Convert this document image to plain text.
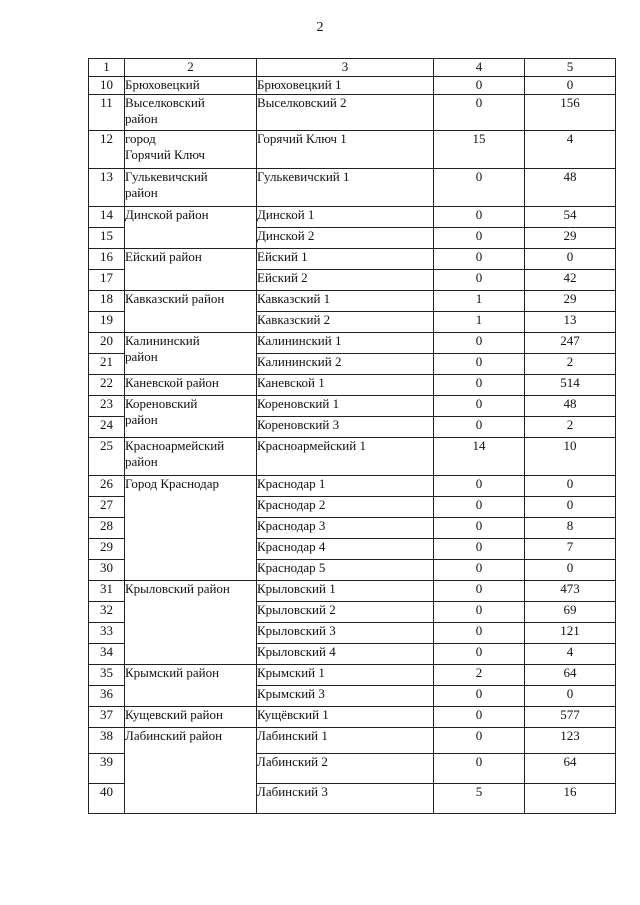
2
1	2	3	4	5
10	Брюховецкий	Брюховецкий 1	0	0
11	Выселковский
район	Выселковский 2	0	156
12	город
Горячий Ключ	Горячий Ключ 1	15	4
13	Гулькевичский
район	Гулькевичский 1	0	48
14	Динской район	Динской 1	0	54
15		Динской 2	0	29
16	Ейский район	Ейский 1	0	0
17		Ейский 2	0	42
18	Кавказский район	Кавказский 1	1	29
19		Кавказский 2	1	13
20	Калининский
район	Калининский 1	0	247
21		Калининский 2	0	2
22	Каневской район	Каневской 1	0	514
23	Кореновский
район	Кореновский 1	0	48
24		Кореновский 3	0	2
25	Красноармейский
район	Красноармейский 1	14	10
26	Город Краснодар	Краснодар 1	0	0
27		Краснодар 2	0	0
28		Краснодар 3	0	8
29		Краснодар 4	0	7
30		Краснодар 5	0	0
31	Крыловский район	Крыловский 1	0	473
32		Крыловский 2	0	69
33		Крыловский 3	0	121
34		Крыловский 4	0	4
35	Крымский район	Крымский 1	2	64
36		Крымский 3	0	0
37	Кущевский район	Кущёвский 1	0	577
38	Лабинский район	Лабинский 1	0	123
39		Лабинский 2	0	64
40		Лабинский 3	5	16
